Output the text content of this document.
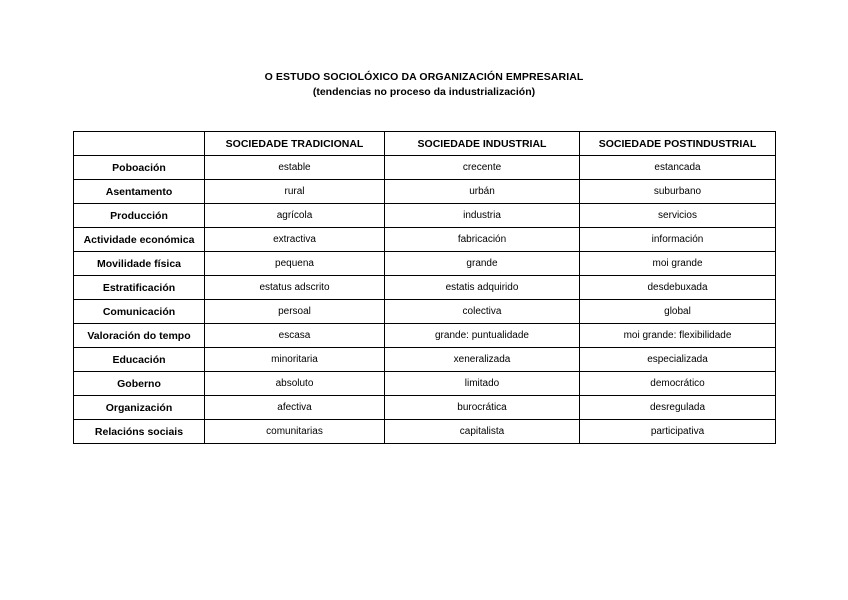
O ESTUDO SOCIOLÓXICO DA ORGANIZACIÓN EMPRESARIAL
(tendencias no proceso da industrialización)
	SOCIEDADE TRADICIONAL	SOCIEDADE INDUSTRIAL	SOCIEDADE POSTINDUSTRIAL
Poboación	estable	crecente	estancada
Asentamento	rural	urbán	suburbano
Producción	agrícola	industria	servicios
Actividade económica	extractiva	fabricación	información
Movilidade física	pequena	grande	moi grande
Estratificación	estatus adscrito	estatis adquirido	desdebuxada
Comunicación	persoal	colectiva	global
Valoración do tempo	escasa	grande: puntualidade	moi grande: flexibilidade
Educación	minoritaria	xeneralizada	especializada
Goberno	absoluto	limitado	democrático
Organización	afectiva	burocrática	desregulada
Relacións sociais	comunitarias	capitalista	participativa
